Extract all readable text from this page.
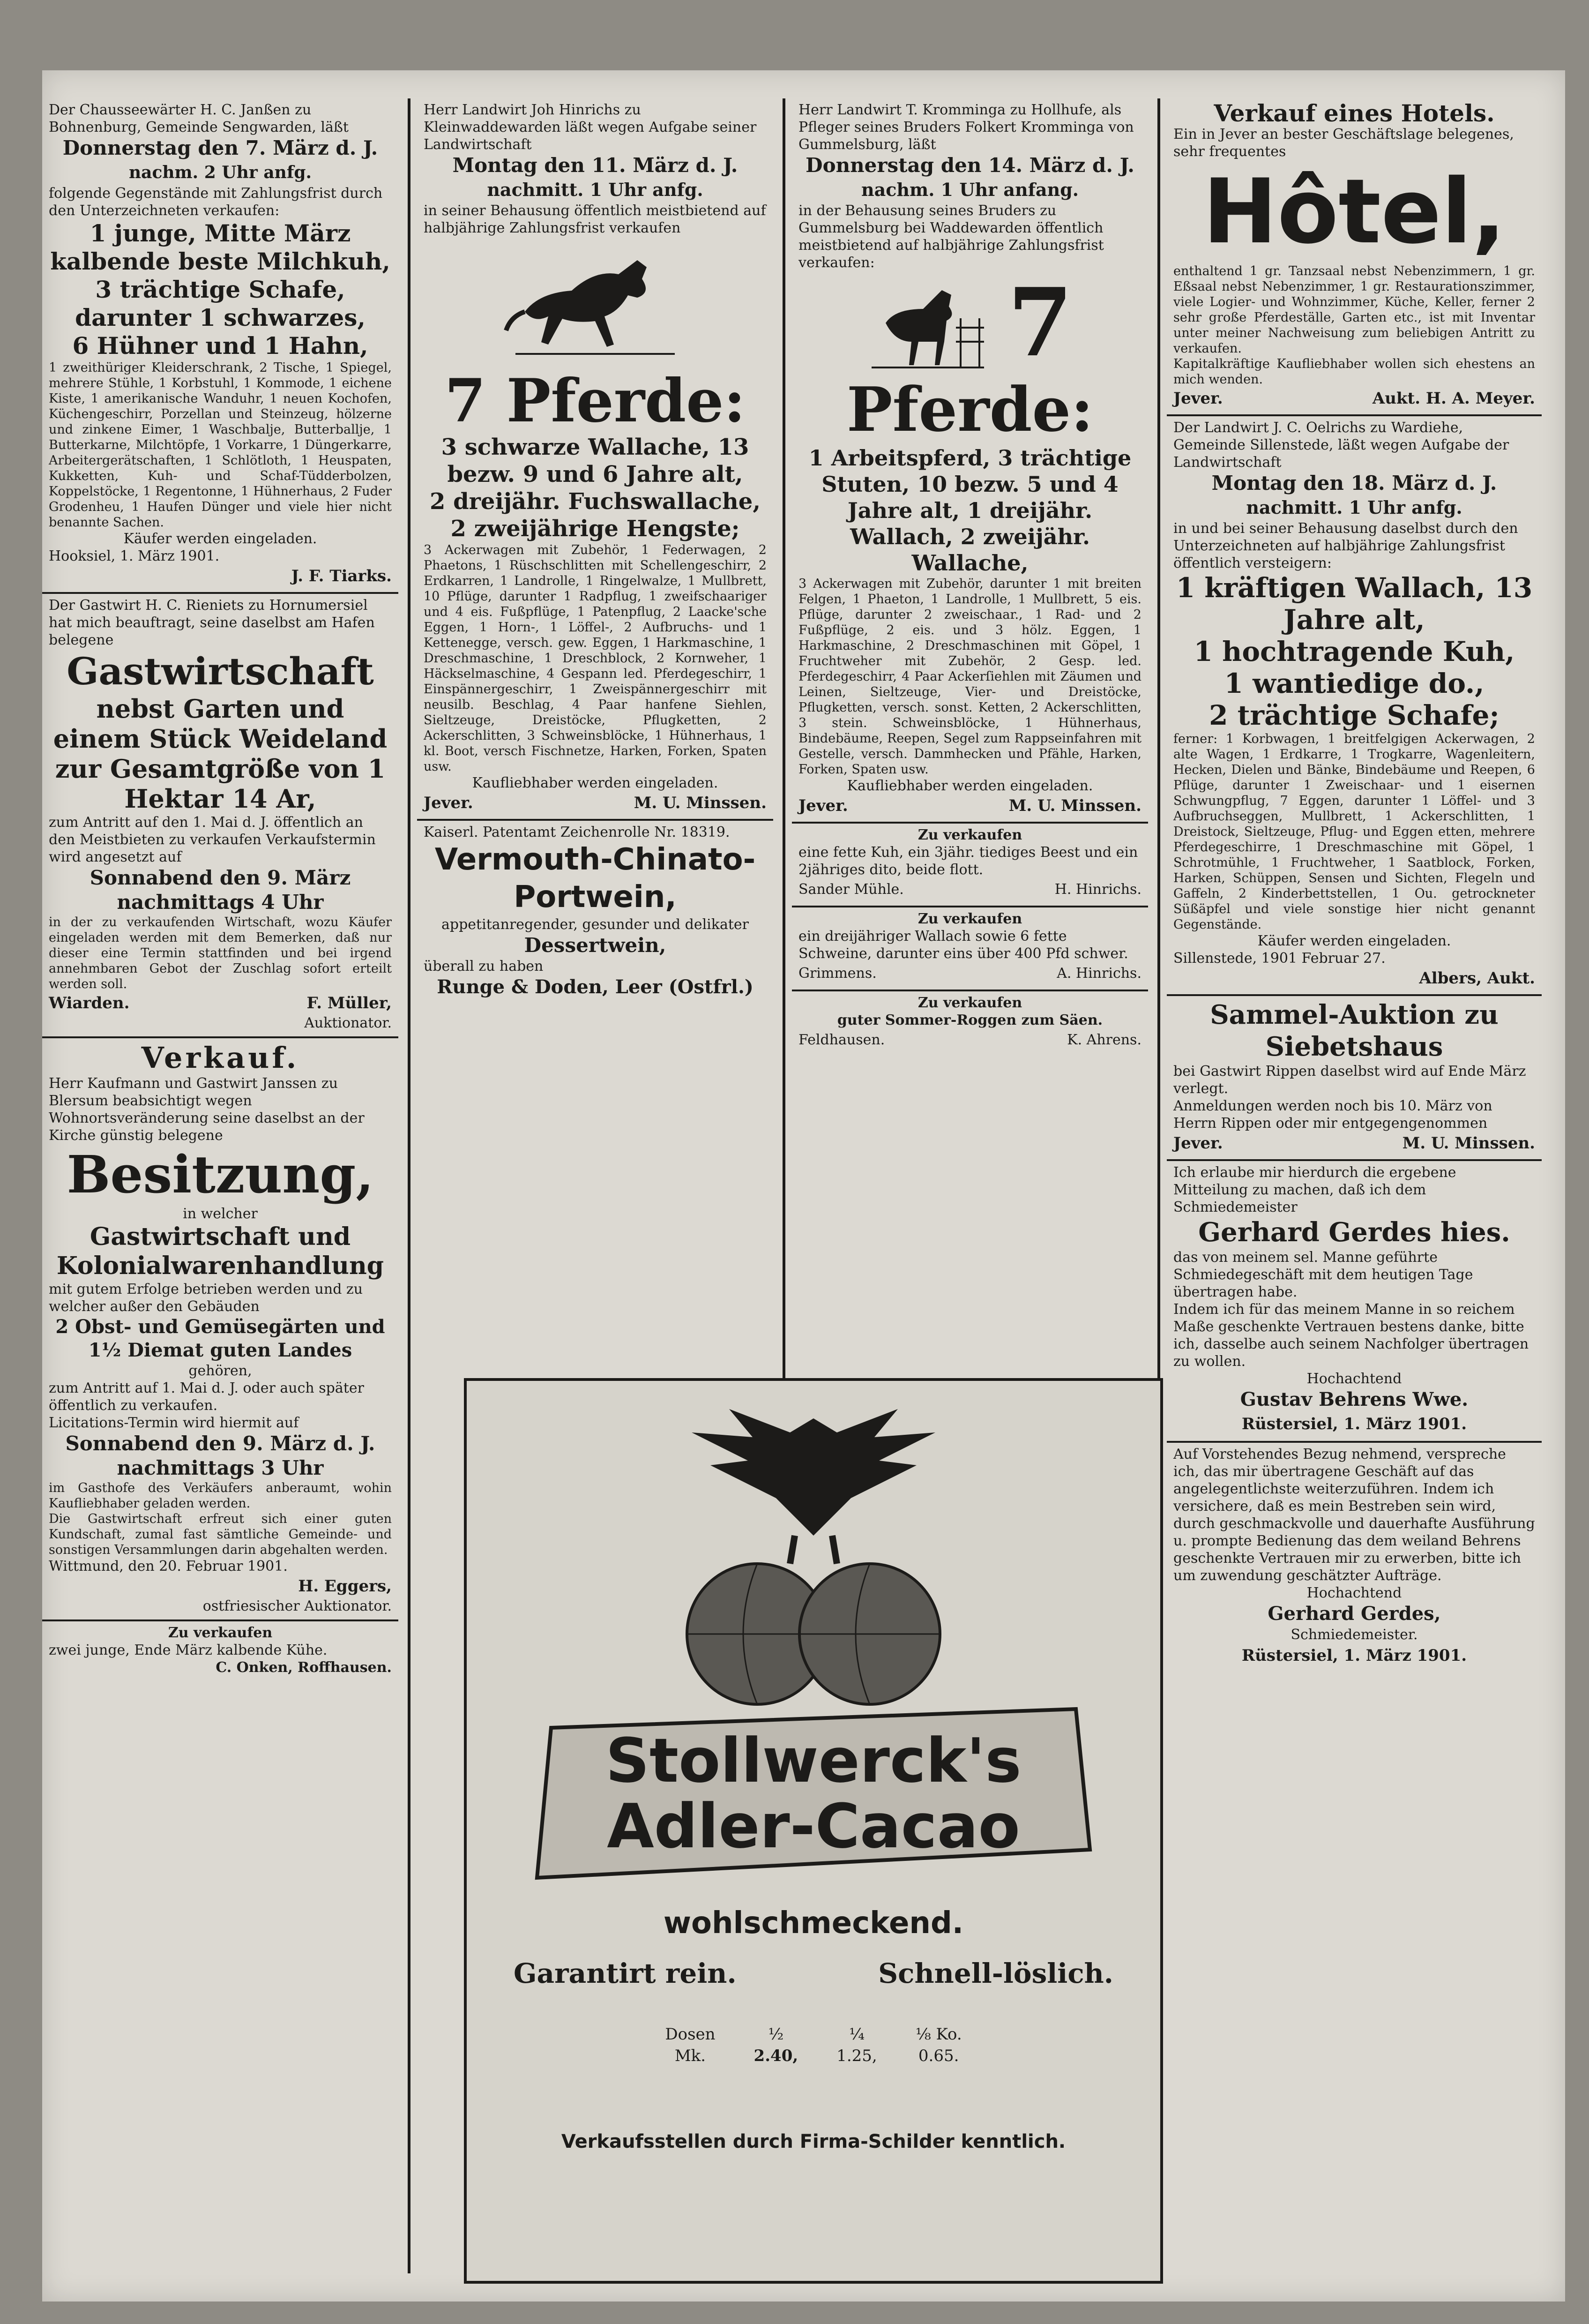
Der Chausseewärter H. C. Janßen zu Bohnenburg, Gemeinde Sengwarden, läßt

Donnerstag den 7. März d. J.

nachm. 2 Uhr anfg.

folgende Gegenstände mit Zahlungsfrist durch den Unterzeichneten verkaufen:

1 junge, Mitte März kalbende beste Milchkuh,

3 trächtige Schafe, darunter 1 schwarzes,

6 Hühner und 1 Hahn,

1 zweithüriger Kleiderschrank, 2 Tische, 1 Spiegel, mehrere Stühle, 1 Korbstuhl, 1 Kommode, 1 eichene Kiste, 1 amerikanische Wanduhr, 1 neuen Kochofen, Küchengeschirr, Porzellan und Steinzeug, hölzerne und zinkene Eimer, 1 Waschbalje, Butterballje, 1 Butterkarne, Milchtöpfe, 1 Vorkarre, 1 Düngerkarre, Arbeitergerätschaften, 1 Schlötloth, 1 Heuspaten, Kukketten, Kuh- und Schaf-Tüdderbolzen, Koppelstöcke, 1 Regentonne, 1 Hühnerhaus, 2 Fuder Grodenheu, 1 Haufen Dünger und viele hier nicht benannte Sachen.

Käufer werden eingeladen.

Hooksiel, 1. März 1901.

J. F. Tiarks.

Der Gastwirt H. C. Rieniets zu Hornumersiel hat mich beauftragt, seine daselbst am Hafen belegene

Gastwirtschaft

nebst Garten und einem Stück Weideland zur Gesamtgröße von 1 Hektar 14 Ar,

zum Antritt auf den 1. Mai d. J. öffentlich an den Meistbieten zu verkaufen Verkaufstermin wird angesetzt auf

Sonnabend den 9. März

nachmittags 4 Uhr

in der zu verkaufenden Wirtschaft, wozu Käufer eingeladen werden mit dem Bemerken, daß nur dieser eine Termin stattfinden und bei irgend annehmbaren Gebot der Zuschlag sofort erteilt werden soll.

Wiarden.	F. Müller,

Auktionator.

Verkauf.

Herr Kaufmann und Gastwirt Janssen zu Blersum beabsichtigt wegen Wohnortsveränderung seine daselbst an der Kirche günstig belegene

Besitzung,

in welcher

Gastwirtschaft und Kolonialwarenhandlung

mit gutem Erfolge betrieben werden und zu welcher außer den Gebäuden

2 Obst- und Gemüsegärten und 1½ Diemat guten Landes

gehören,

zum Antritt auf 1. Mai d. J. oder auch später öffentlich zu verkaufen.

Licitations-Termin wird hiermit auf

Sonnabend den 9. März d. J.

nachmittags 3 Uhr

im Gasthofe des Verkäufers anberaumt, wohin Kaufliebhaber geladen werden.

Die Gastwirtschaft erfreut sich einer guten Kundschaft, zumal fast sämtliche Gemeinde- und sonstigen Versammlungen darin abgehalten werden.

Wittmund, den 20. Februar 1901.

H. Eggers,

ostfriesischer Auktionator.

Zu verkaufen

zwei junge, Ende März kalbende Kühe.

C. Onken, Roffhausen.

Herr Landwirt Joh Hinrichs zu Kleinwaddewarden läßt wegen Aufgabe seiner Landwirtschaft

Montag den 11. März d. J.

nachmitt. 1 Uhr anfg.

in seiner Behausung öffentlich meistbietend auf halbjährige Zahlungsfrist verkaufen

7 Pferde:

3 schwarze Wallache, 13 bezw. 9 und 6 Jahre alt,

2 dreijähr. Fuchswallache,

2 zweijährige Hengste;

3 Ackerwagen mit Zubehör, 1 Federwagen, 2 Phaetons, 1 Rüschschlitten mit Schellengeschirr, 2 Erdkarren, 1 Landrolle, 1 Ringelwalze, 1 Mullbrett, 10 Pflüge, darunter 1 Radpflug, 1 zweifschaariger und 4 eis. Fußpflüge, 1 Patenpflug, 2 Laacke'sche Eggen, 1 Horn-, 1 Löffel-, 2 Aufbruchs- und 1 Kettenegge, versch. gew. Eggen, 1 Harkmaschine, 1 Dreschmaschine, 1 Dreschblock, 2 Kornweher, 1 Häckselmaschine, 4 Gespann led. Pferdegeschirr, 1 Einspännergeschirr, 1 Zweispännergeschirr mit neusilb. Beschlag, 4 Paar hanfene Siehlen, Sieltzeuge, Dreistöcke, Pflugketten, 2 Ackerschlitten, 3 Schweinsblöcke, 1 Hühnerhaus, 1 kl. Boot, versch Fischnetze, Harken, Forken, Spaten usw.

Kaufliebhaber werden eingeladen.

Jever.	M. U. Minssen.

Kaiserl. Patentamt Zeichenrolle Nr. 18319.

Vermouth-Chinato-Portwein,

appetitanregender, gesunder und delikater

Dessertwein,

überall zu haben

Runge & Doden, Leer (Ostfrl.)

Herr Landwirt T. Kromminga zu Hollhufe, als Pfleger seines Bruders Folkert Kromminga von Gummelsburg, läßt

Donnerstag den 14. März d. J.

nachm. 1 Uhr anfang.

in der Behausung seines Bruders zu Gummelsburg bei Waddewarden öffentlich meistbietend auf halbjährige Zahlungsfrist verkaufen:

7

Pferde:

1 Arbeitspferd, 3 trächtige Stuten, 10 bezw. 5 und 4 Jahre alt, 1 dreijähr. Wallach, 2 zweijähr. Wallache,

3 Ackerwagen mit Zubehör, darunter 1 mit breiten Felgen, 1 Phaeton, 1 Landrolle, 1 Mullbrett, 5 eis. Pflüge, darunter 2 zweischaar., 1 Rad- und 2 Fußpflüge, 2 eis. und 3 hölz. Eggen, 1 Harkmaschine, 2 Dreschmaschinen mit Göpel, 1 Fruchtweher mit Zubehör, 2 Gesp. led. Pferdegeschirr, 4 Paar Ackerſiehlen mit Zäumen und Leinen, Sieltzeuge, Vier- und Dreistöcke, Pflugketten, versch. sonst. Ketten, 2 Ackerschlitten, 3 stein. Schweinsblöcke, 1 Hühnerhaus, Bindebäume, Reepen, Segel zum Rappseinfahren mit Gestelle, versch. Dammhecken und Pfähle, Harken, Forken, Spaten usw.

Kaufliebhaber werden eingeladen.

Jever.	M. U. Minssen.

Zu verkaufen

eine fette Kuh, ein 3jähr. tiediges Beest und ein 2jähriges dito, beide flott.

Sander Mühle.	H. Hinrichs.

Zu verkaufen

ein dreijähriger Wallach sowie 6 fette Schweine, darunter eins über 400 Pfd schwer.

Grimmens.	A. Hinrichs.

Zu verkaufen

guter Sommer-Roggen zum Säen.

Feldhausen.	K. Ahrens.

Verkauf eines Hotels.

Ein in Jever an bester Geschäftslage belegenes, sehr frequentes

Hôtel,

enthaltend 1 gr. Tanzsaal nebst Nebenzimmern, 1 gr. Eßsaal nebst Nebenzimmer, 1 gr. Restaurationszimmer, viele Logier- und Wohnzimmer, Küche, Keller, ferner 2 sehr große Pferdeställe, Garten etc., ist mit Inventar unter meiner Nachweisung zum beliebigen Antritt zu verkaufen.

Kapitalkräftige Kaufliebhaber wollen sich ehestens an mich wenden.

Jever.	Aukt. H. A. Meyer.

Der Landwirt J. C. Oelrichs zu Wardiehe, Gemeinde Sillenstede, läßt wegen Aufgabe der Landwirtschaft

Montag den 18. März d. J.

nachmitt. 1 Uhr anfg.

in und bei seiner Behausung daselbst durch den Unterzeichneten auf halbjährige Zahlungsfrist öffentlich versteigern:

1 kräftigen Wallach, 13 Jahre alt,

1 hochtragende Kuh,

1 wantiedige do.,

2 trächtige Schafe;

ferner: 1 Korbwagen, 1 breitfelgigen Ackerwagen, 2 alte Wagen, 1 Erdkarre, 1 Trogkarre, Wagenleitern, Hecken, Dielen und Bänke, Bindebäume und Reepen, 6 Pflüge, darunter 1 Zweischaar- und 1 eisernen Schwungpflug, 7 Eggen, darunter 1 Löffel- und 3 Aufbruchseggen, Mullbrett, 1 Ackerschlitten, 1 Dreistock, Sieltzeuge, Pflug- und Eggen etten, mehrere Pferdegeschirre, 1 Dreschmaschine mit Göpel, 1 Schrotmühle, 1 Fruchtweher, 1 Saatblock, Forken, Harken, Schüppen, Sensen und Sichten, Flegeln und Gaffeln, 2 Kinderbettstellen, 1 Ou. getrockneter Süßäpfel und viele sonstige hier nicht genannt Gegenstände.

Käufer werden eingeladen.

Sillenstede, 1901 Februar 27.

Albers, Aukt.

Sammel-Auktion zu Siebetshaus

bei Gastwirt Rippen daselbst wird auf Ende März verlegt.

Anmeldungen werden noch bis 10. März von Herrn Rippen oder mir entgegengenommen

Jever.	M. U. Minssen.

Ich erlaube mir hierdurch die ergebene Mitteilung zu machen, daß ich dem Schmiedemeister

Gerhard Gerdes hies.

das von meinem sel. Manne geführte Schmiedegeschäft mit dem heutigen Tage übertragen habe.

Indem ich für das meinem Manne in so reichem Maße geschenkte Vertrauen bestens danke, bitte ich, dasselbe auch seinem Nachfolger übertragen zu wollen.

Hochachtend

Gustav Behrens Wwe.

Rüstersiel, 1. März 1901.

Auf Vorstehendes Bezug nehmend, verspreche ich, das mir übertragene Geschäft auf das angelegentlichste weiterzuführen. Indem ich versichere, daß es mein Bestreben sein wird, durch geschmackvolle und dauerhafte Ausführung u. prompte Bedienung das dem weiland Behrens geschenkte Vertrauen mir zu erwerben, bitte ich um zuwendung geschätzter Aufträge.

Hochachtend

Gerhard Gerdes,

Schmiedemeister.

Rüstersiel, 1. März 1901.

Stollwerck's
Adler-Cacao
wohlschmeckend.
Garantirt rein.	Schnell-löslich.
Dosen	½	¼	⅛ Ko.
Mk.	2.40,	1.25,	0.65.
Verkaufsstellen durch Firma-Schilder kenntlich.
